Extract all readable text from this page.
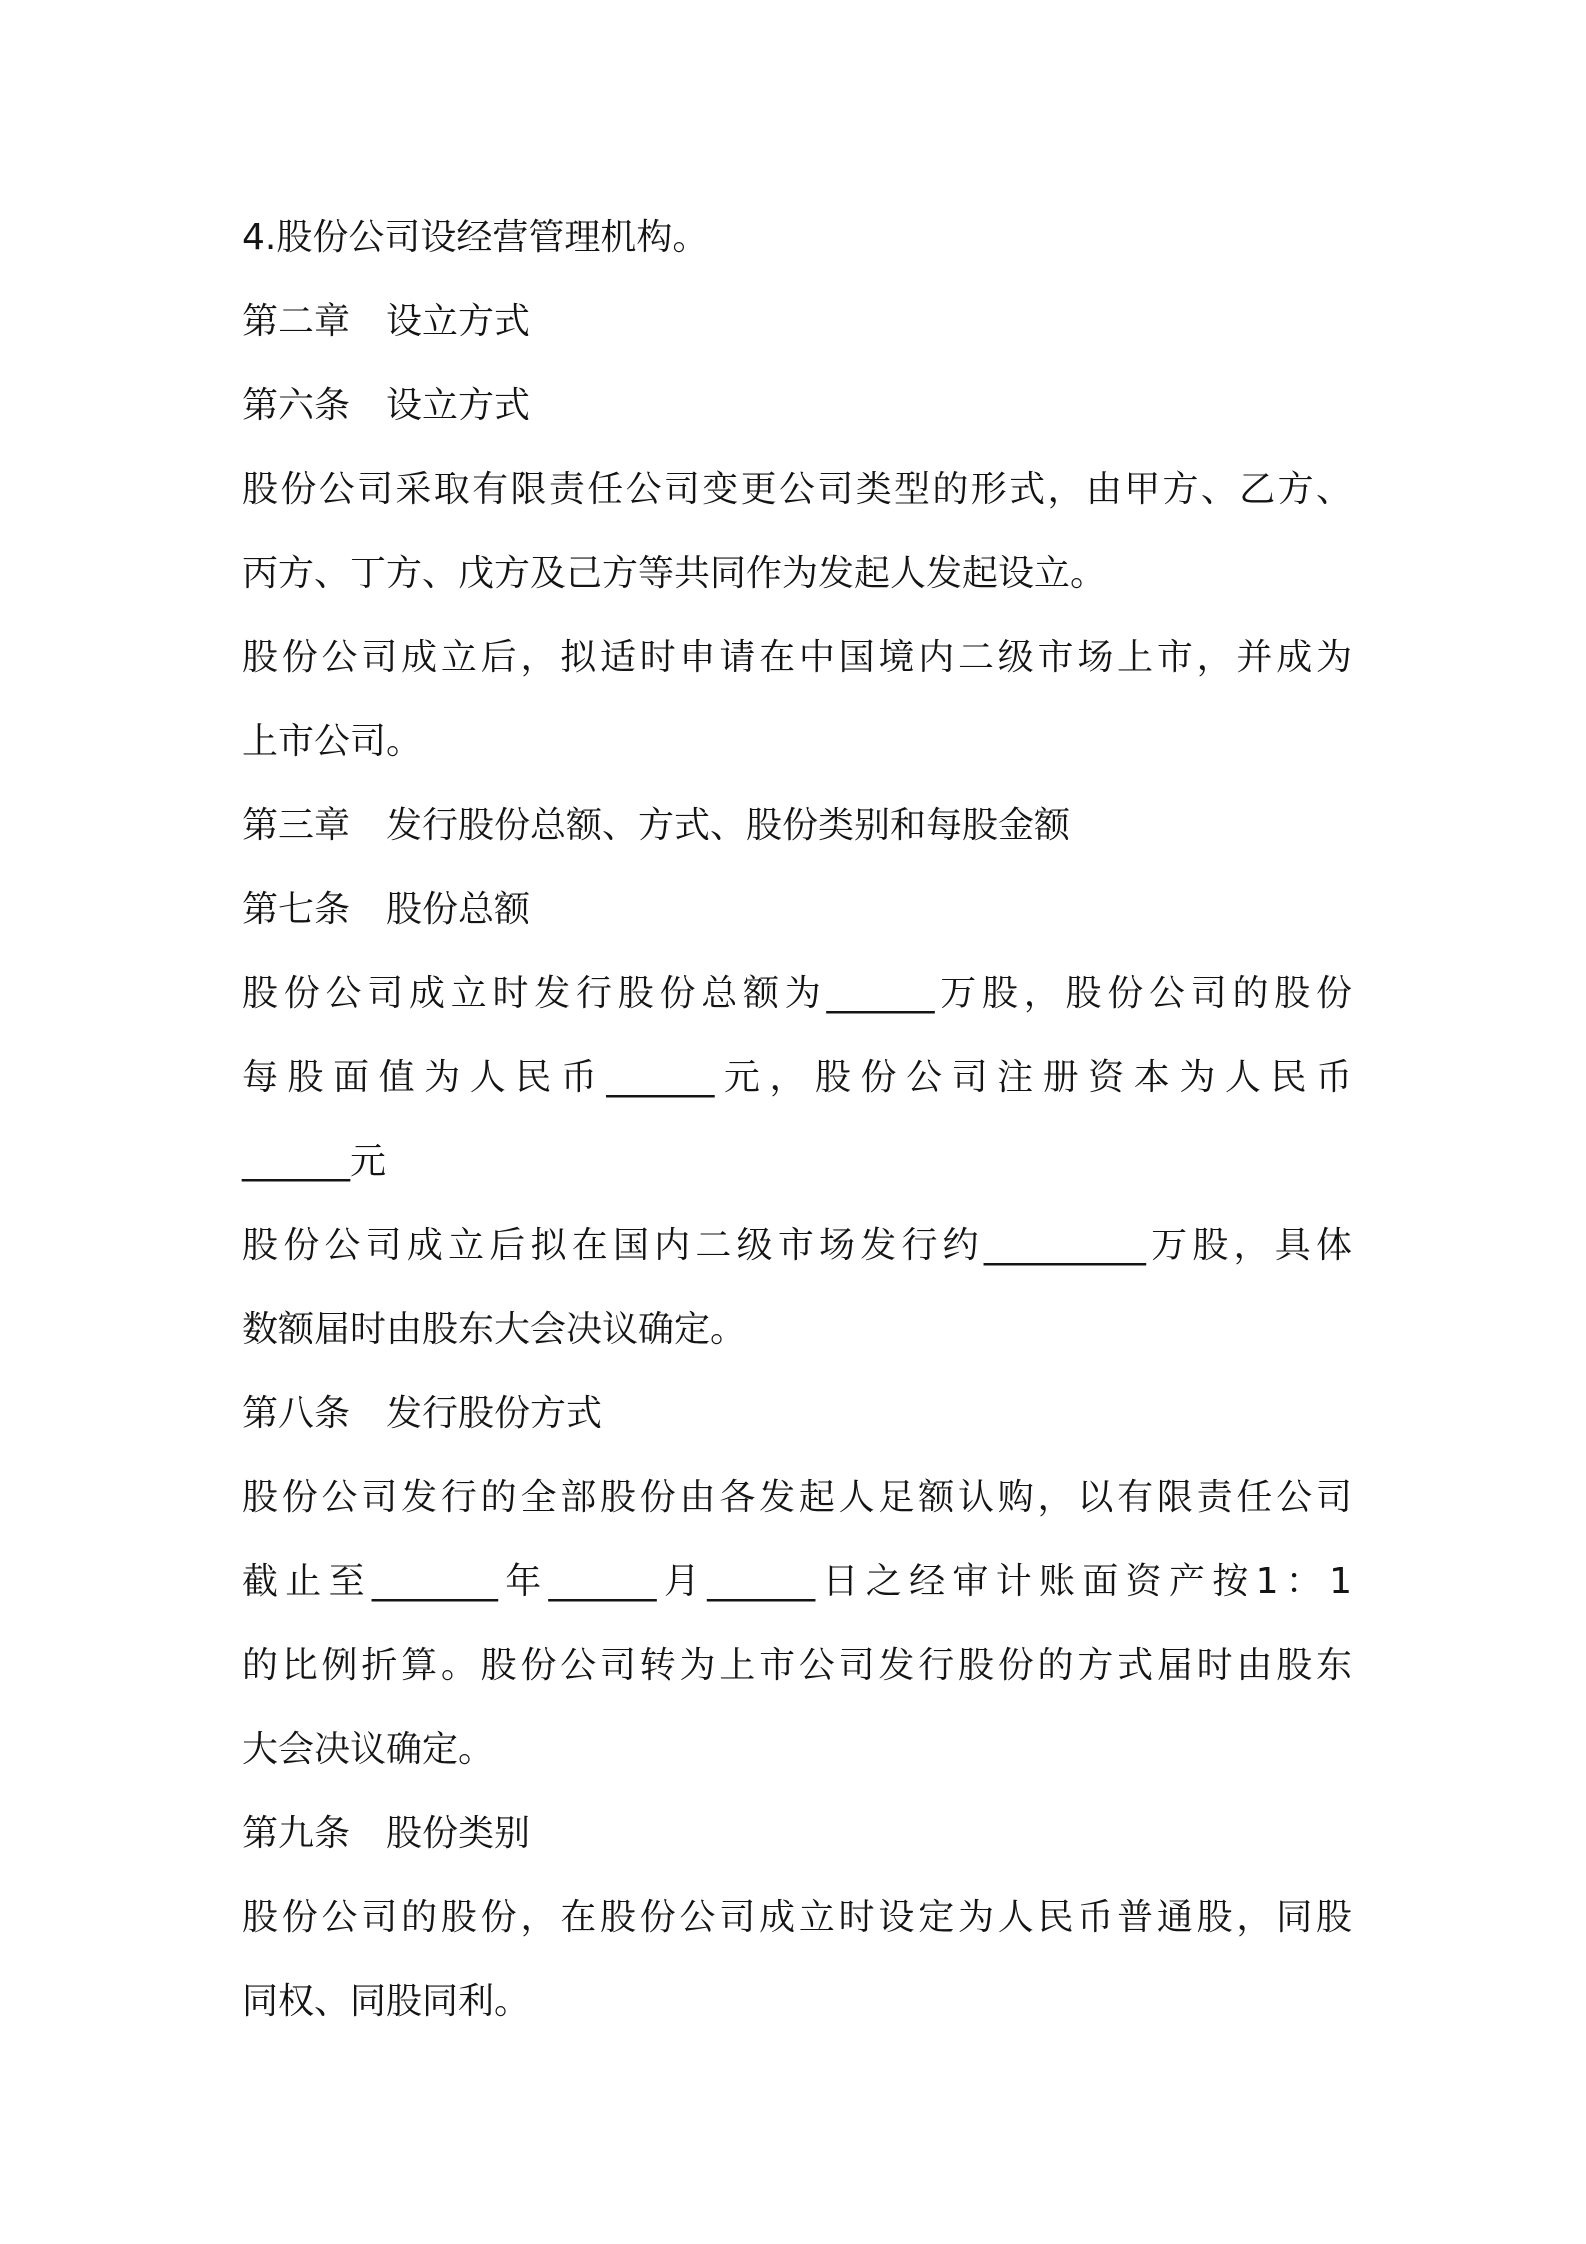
4.股份公司设经营管理机构。
第二章　设立方式
第六条　设立方式
股份公司采取有限责任公司变更公司类型的形式，由甲方、乙方、
丙方、丁方、戊方及己方等共同作为发起人发起设立。
股份公司成立后，拟适时申请在中国境内二级市场上市，并成为
上市公司。
第三章　发行股份总额、方式、股份类别和每股金额
第七条　股份总额
股份公司成立时发行股份总额为______万股，股份公司的股份
每股面值为人民币______元，股份公司注册资本为人民币
______元
股份公司成立后拟在国内二级市场发行约_________万股，具体
数额届时由股东大会决议确定。
第八条　发行股份方式
股份公司发行的全部股份由各发起人足额认购，以有限责任公司
截止至_______年______月______日之经审计账面资产按1：1
的比例折算。股份公司转为上市公司发行股份的方式届时由股东
大会决议确定。
第九条　股份类别
股份公司的股份，在股份公司成立时设定为人民币普通股，同股
同权、同股同利。
